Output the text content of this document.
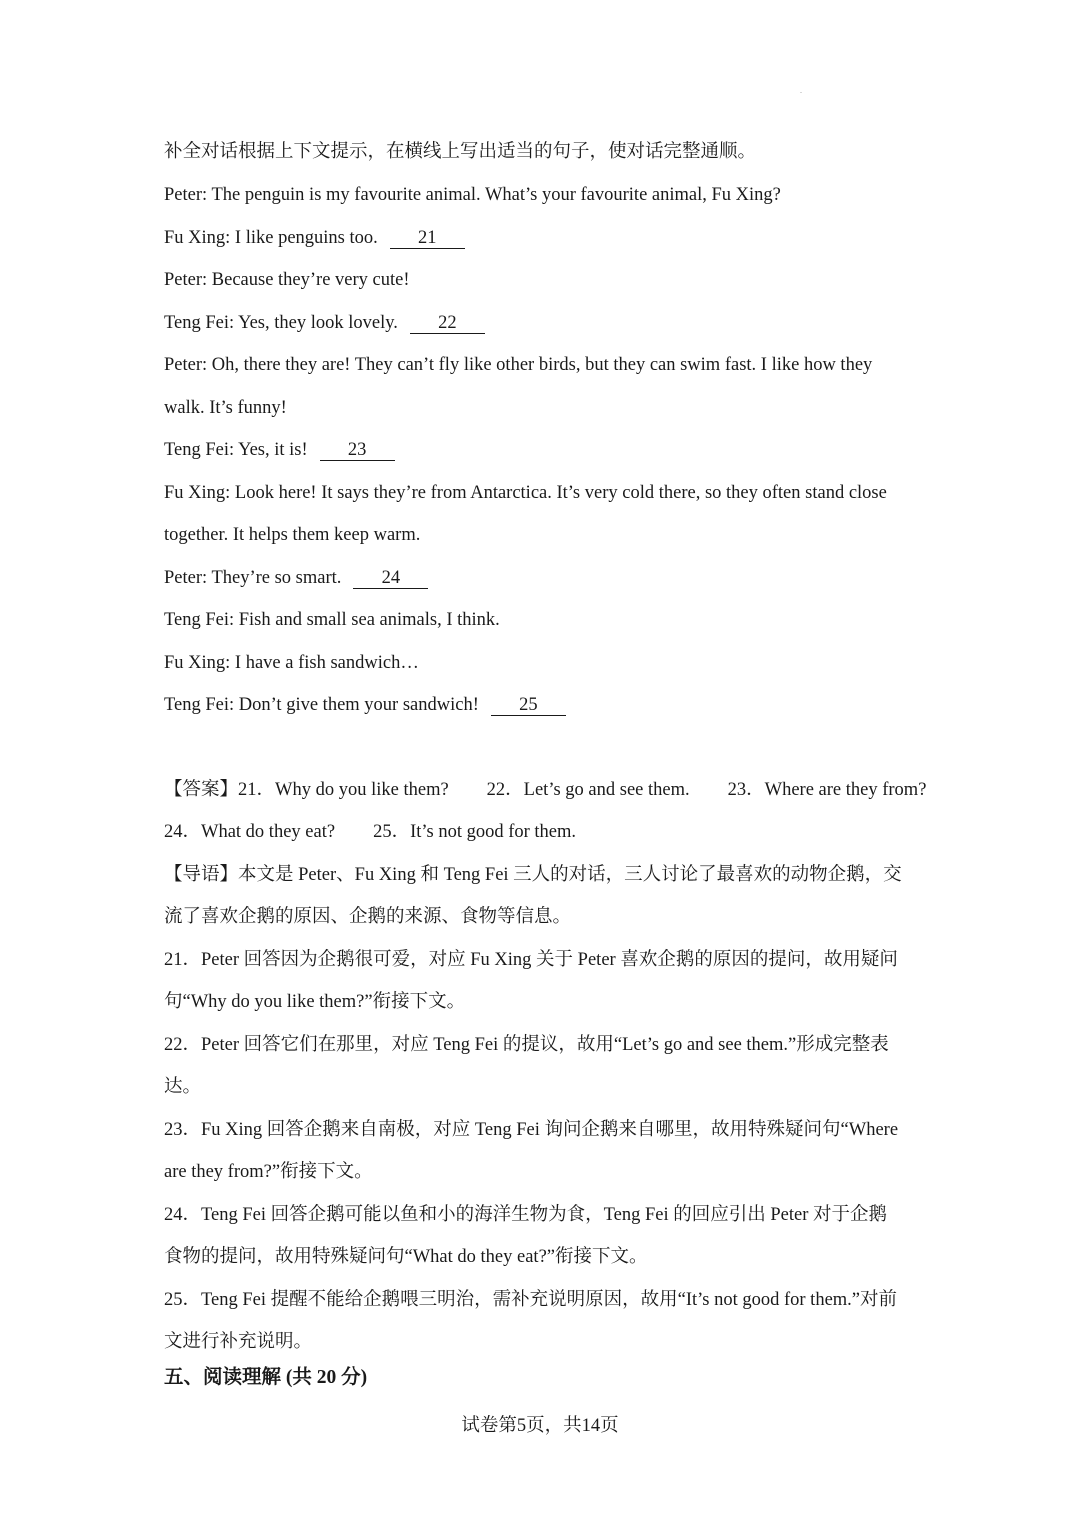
.
补全对话根据上下文提示，在横线上写出适当的句子，使对话完整通顺。
Peter: The penguin is my favourite animal. What’s your favourite animal, Fu Xing?
Fu Xing: I like penguins too. 21
Peter: Because they’re very cute!
Teng Fei: Yes, they look lovely. 22
Peter: Oh, there they are! They can’t fly like other birds, but they can swim fast. I like how they
walk. It’s funny!
Teng Fei: Yes, it is! 23
Fu Xing: Look here! It says they’re from Antarctica. It’s very cold there, so they often stand close
together. It helps them keep warm.
Peter: They’re so smart. 24
Teng Fei: Fish and small sea animals, I think.
Fu Xing: I have a fish sandwich…
Teng Fei: Don’t give them your sandwich! 25
【答案】21．Why do you like them? 22．Let’s go and see them. 23．Where are they from?
24．What do they eat? 25．It’s not good for them.
【导语】本文是 Peter、Fu Xing 和 Teng Fei 三人的对话，三人讨论了最喜欢的动物企鹅，交
流了喜欢企鹅的原因、企鹅的来源、食物等信息。
21．Peter 回答因为企鹅很可爱，对应 Fu Xing 关于 Peter 喜欢企鹅的原因的提问，故用疑问
句“Why do you like them?”衔接下文。
22．Peter 回答它们在那里，对应 Teng Fei 的提议，故用“Let’s go and see them.”形成完整表
达。
23．Fu Xing 回答企鹅来自南极，对应 Teng Fei 询问企鹅来自哪里，故用特殊疑问句“Where
are they from?”衔接下文。
24．Teng Fei 回答企鹅可能以鱼和小的海洋生物为食，Teng Fei 的回应引出 Peter 对于企鹅
食物的提问，故用特殊疑问句“What do they eat?”衔接下文。
25．Teng Fei 提醒不能给企鹅喂三明治，需补充说明原因，故用“It’s not good for them.”对前
文进行补充说明。
五、阅读理解 (共 20 分)
试卷第5页，共14页
